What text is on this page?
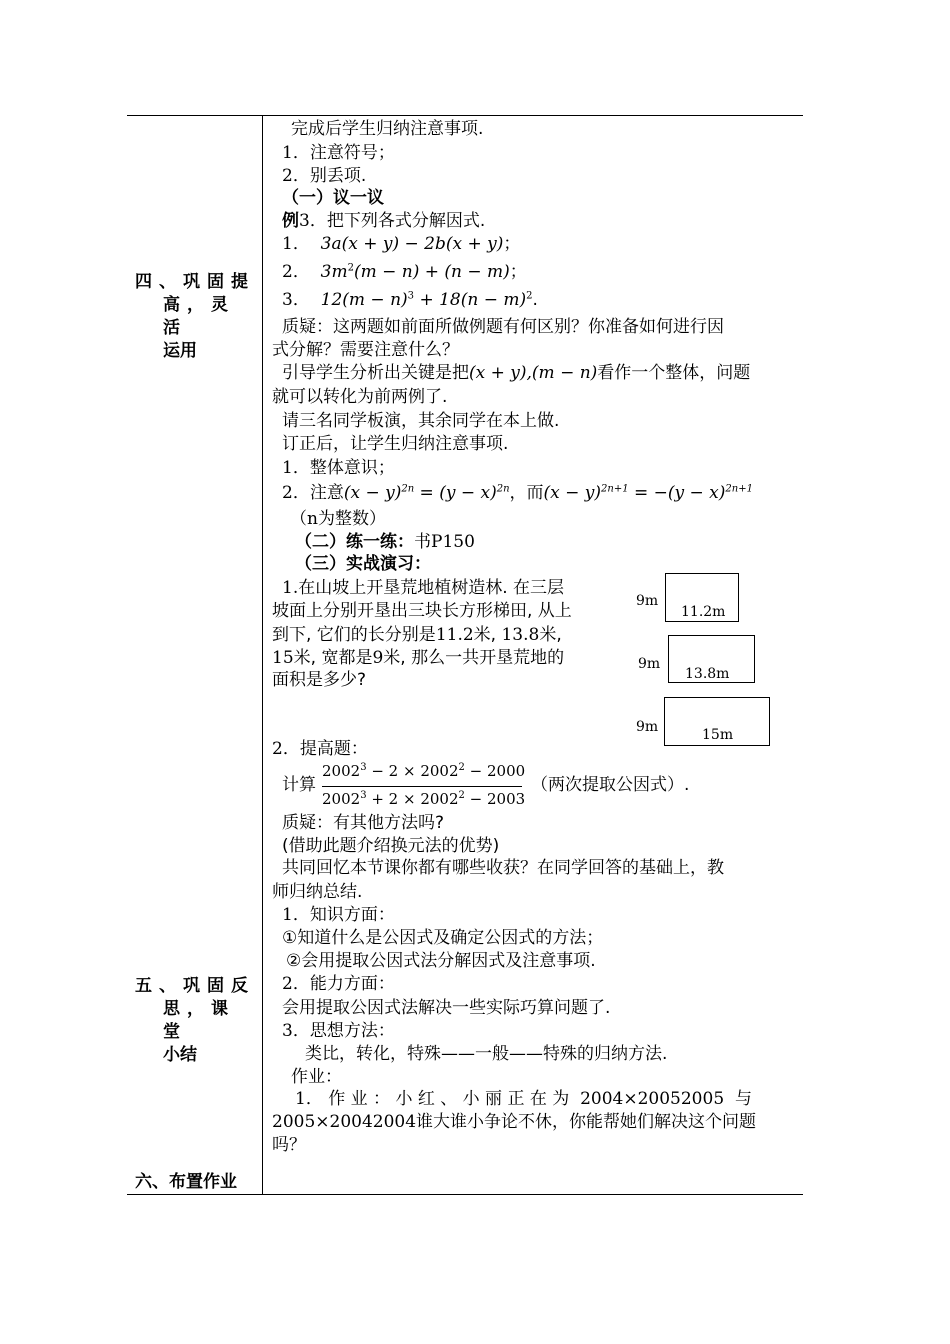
四、巩固提
高，灵活
运用
五、巩固反
思，课堂
小结
六、布置作业
完成后学生归纳注意事项.
1．注意符号；
2．别丢项.
（一）议一议
例3．把下列各式分解因式.
1． 3a(x + y) − 2b(x + y)；
2． $3m^2(m - n) + (n - m)$；
3． $12(m - n)^3 + 18(n - m)^2$.
质疑：这两题如前面所做例题有何区别？你准备如何进行因
式分解？需要注意什么？
引导学生分析出关键是把(x + y),(m − n)看作一个整体，问题
就可以转化为前两例了.
请三名同学板演，其余同学在本上做.
订正后，让学生归纳注意事项.
1．整体意识；
2．注意$(x - y)^{2n} = (y - x)^{2n}$，而$(x - y)^{2n+1} = -(y - x)^{2n+1}$
（n为整数）
（二）练一练：书P150
（三）实战演习：
1.在山坡上开垦荒地植树造林. 在三层
坡面上分别开垦出三块长方形梯田, 从上
到下, 它们的长分别是11.2米, 13.8米,
15米, 宽都是9米, 那么一共开垦荒地的
面积是多少?
9m
11.2m
9m
13.8m
9m	15m
2．提高题：
计算
$2002^3 - 2 \times 2002^2 - 2000$
$2002^3 + 2 \times 2002^2 - 2003$
（两次提取公因式）.
质疑：有其他方法吗?
(借助此题介绍换元法的优势)
共同回忆本节课你都有哪些收获？在同学回答的基础上，教
师归纳总结.
1．知识方面：
①知道什么是公因式及确定公因式的方法；
②会用提取公因式法分解因式及注意事项.
2．能力方面：
会用提取公因式法解决一些实际巧算问题了.
3．思想方法：
类比，转化，特殊——一般——特殊的归纳方法.
作业：
1． 作 业 ： 小 红 、 小 丽 正 在 为 2004×20052005 与
2005×20042004谁大谁小争论不休，你能帮她们解决这个问题
吗？
